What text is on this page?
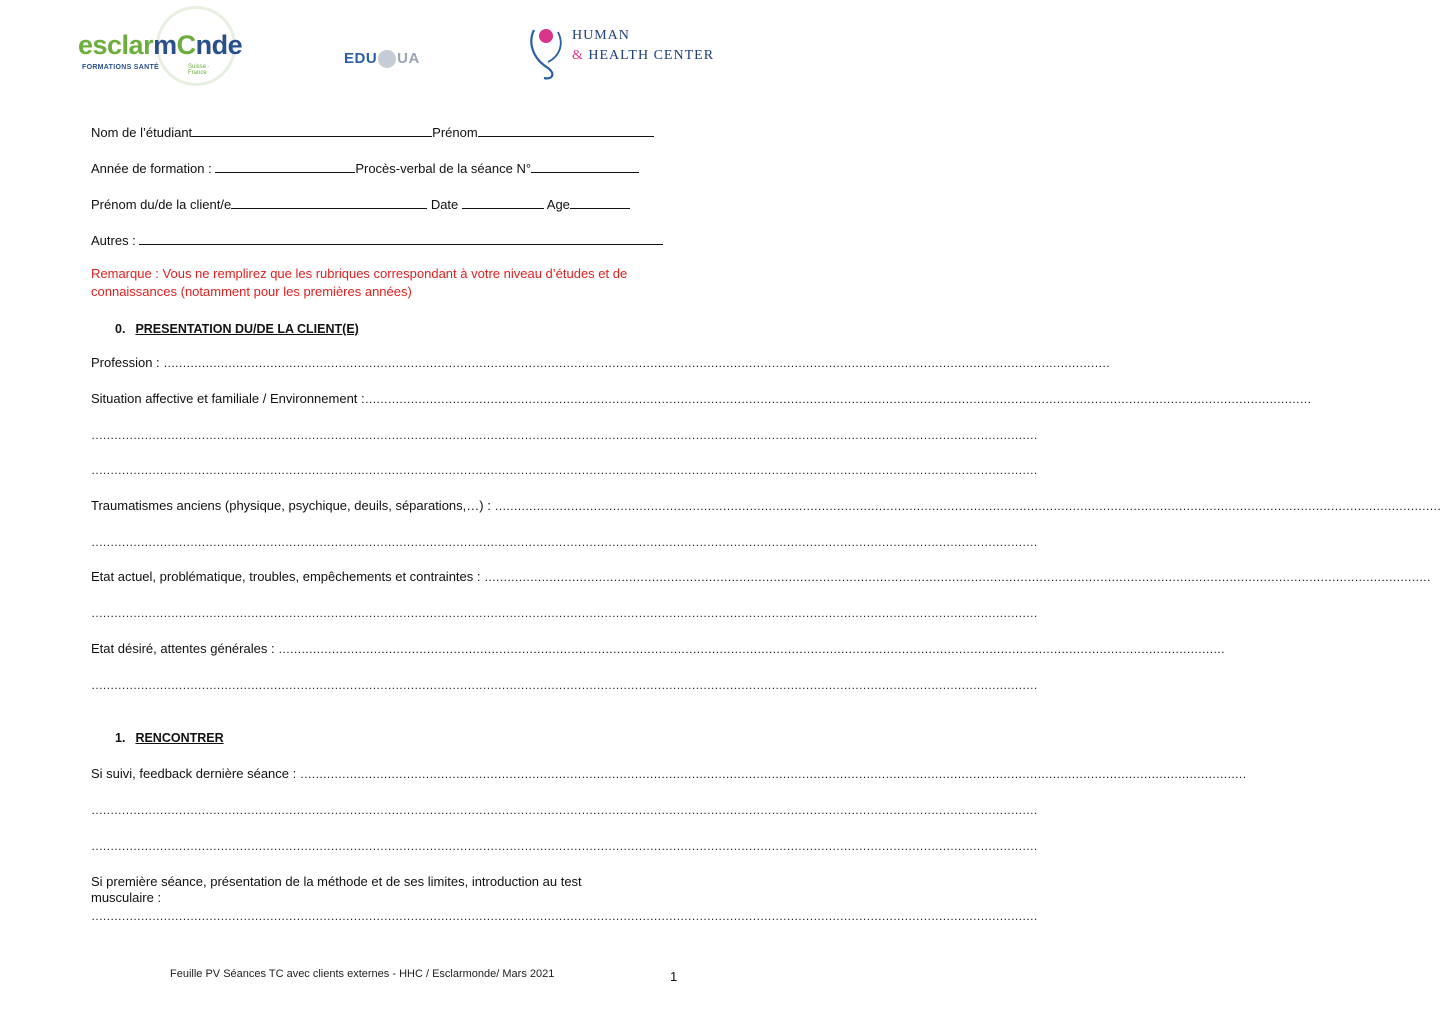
esclarmCnde
FORMATIONS SANTÉ	Suisse · France
EDU UA
HUMAN
& HEALTH CENTER
Nom de l’étudiant	Prénom
Année de formation :	Procès-verbal de la séance N°
Prénom du/de la client/e	Date	Age
Autres :
Remarque : Vous ne remplirez que les rubriques correspondant à votre niveau d’études et de connaissances (notamment pour les premières années)
0. PRESENTATION DU/DE LA CLIENT(E)
Profession : ……………………………………………………………………………………………………………………………………………………………………………………………………………………………
Situation affective et familiale / Environnement :……………………………………………………………………………………………………………………………………………………………………………………………………………………………
……………………………………………………………………………………………………………………………………………………………………………………………………………………………
……………………………………………………………………………………………………………………………………………………………………………………………………………………………
Traumatismes anciens (physique, psychique, deuils, séparations,…) : ……………………………………………………………………………………………………………………………………………………………………………………………………………………………
……………………………………………………………………………………………………………………………………………………………………………………………………………………………
Etat actuel, problématique, troubles, empêchements et contraintes : ……………………………………………………………………………………………………………………………………………………………………………………………………………………………
……………………………………………………………………………………………………………………………………………………………………………………………………………………………
Etat désiré, attentes générales : ……………………………………………………………………………………………………………………………………………………………………………………………………………………………
……………………………………………………………………………………………………………………………………………………………………………………………………………………………
1. RENCONTRER
Si suivi, feedback dernière séance : ……………………………………………………………………………………………………………………………………………………………………………………………………………………………
……………………………………………………………………………………………………………………………………………………………………………………………………………………………
……………………………………………………………………………………………………………………………………………………………………………………………………………………………
Si première séance, présentation de la méthode et de ses limites, introduction au test
musculaire :
……………………………………………………………………………………………………………………………………………………………………………………………………………………………
Feuille PV Séances TC avec clients externes - HHC / Esclarmonde/ Mars 2021	1
